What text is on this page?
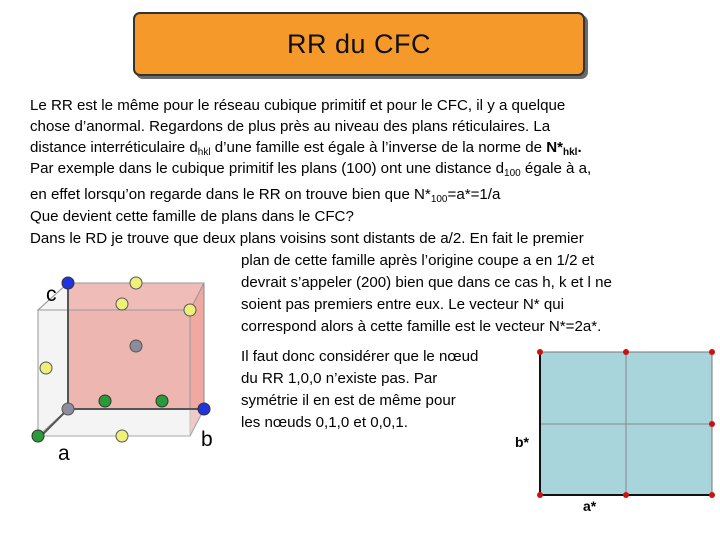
RR du CFC
Le RR est le même pour le réseau cubique primitif et pour le CFC, il y a quelque
chose d’anormal. Regardons de plus près au niveau des plans réticulaires. La
distance interréticulaire $d_{hkl}$ d’une famille est égale à l’inverse de la norme de $N*_{hkl}$.
Par exemple dans le cubique primitif les plans (100) ont une distance $d_{100}$ égale à a,
en effet lorsqu’on regarde dans le RR on trouve bien que $N*_{100}=a*=1/a$
Que devient cette famille de plans dans le CFC?
Dans le RD je trouve que deux plans voisins sont distants de a/2. En fait le premier
plan de cette famille après l’origine coupe a en 1/2 et
devrait s’appeler (200) bien que dans ce cas h, k et l ne
soient pas premiers entre eux. Le vecteur N* qui
correspond alors à cette famille est le vecteur N*=2a*.
Il faut donc considérer que le nœud
du RR 1,0,0 n’existe pas. Par
symétrie il en est de même pour
les nœuds 0,1,0 et 0,0,1.
c
a
b	b*
a*
